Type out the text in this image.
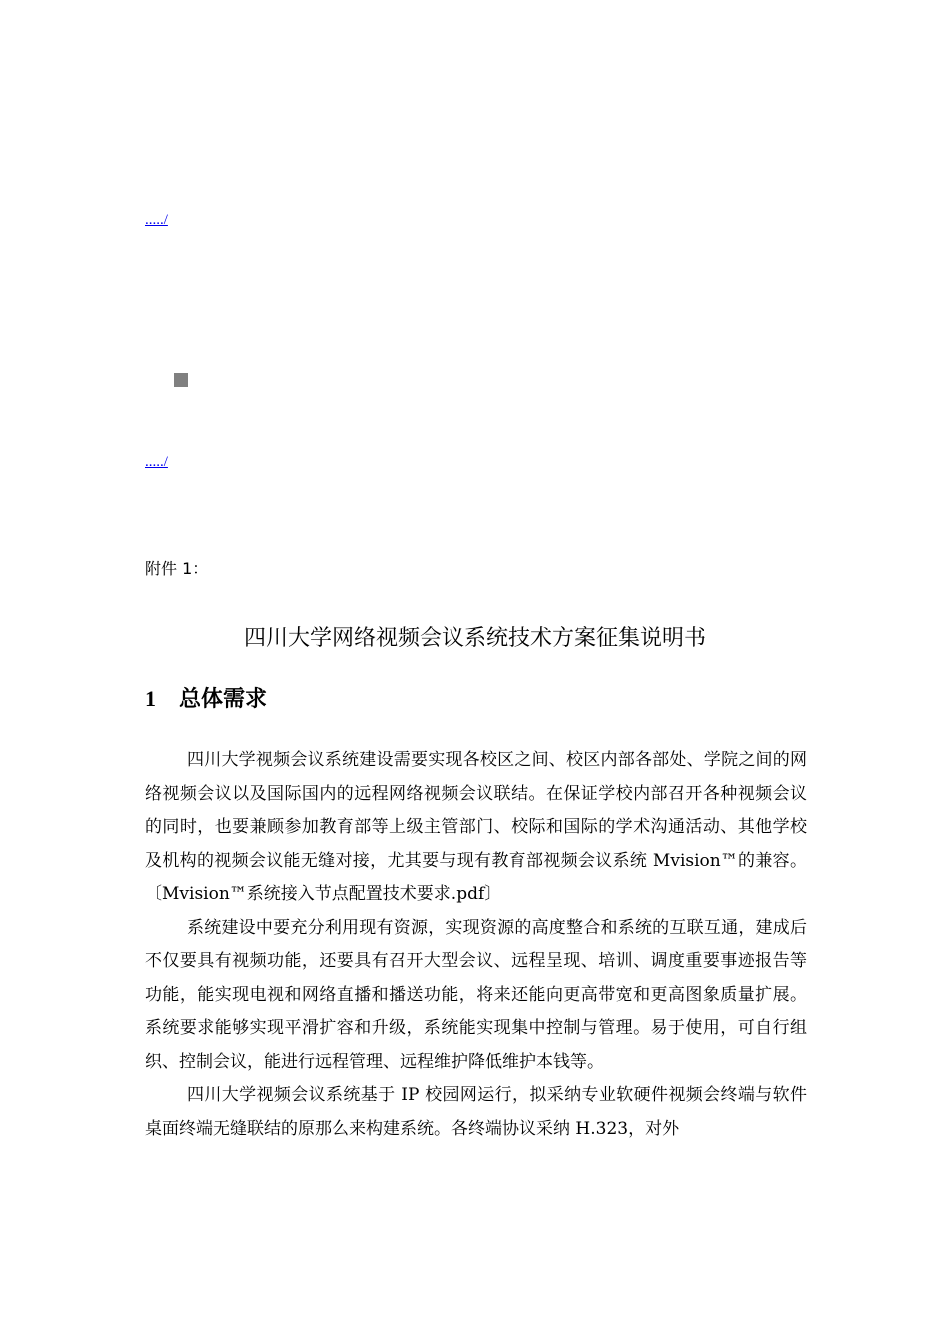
...../
...../
附件 1：
四川大学网络视频会议系统技术方案征集说明书
1 总体需求

四川大学视频会议系统建设需要实现各校区之间、校区内部各部处、学院之间的网络视频会议以及国际国内的远程网络视频会议联结。在保证学校内部召开各种视频会议的同时，也要兼顾参加教育部等上级主管部门、校际和国际的学术沟通活动、其他学校及机构的视频会议能无缝对接，尤其要与现有教育部视频会议系统 Mvision™的兼容。〔Mvision™系统接入节点配置技术要求.pdf〕

系统建设中要充分利用现有资源，实现资源的高度整合和系统的互联互通，建成后不仅要具有视频功能，还要具有召开大型会议、远程呈现、培训、调度重要事迹报告等功能，能实现电视和网络直播和播送功能，将来还能向更高带宽和更高图象质量扩展。系统要求能够实现平滑扩容和升级，系统能实现集中控制与管理。易于使用，可自行组织、控制会议，能进行远程管理、远程维护降低维护本钱等。

四川大学视频会议系统基于 IP 校园网运行，拟采纳专业软硬件视频会终端与软件桌面终端无缝联结的原那么来构建系统。各终端协议采纳 H.323，对外
